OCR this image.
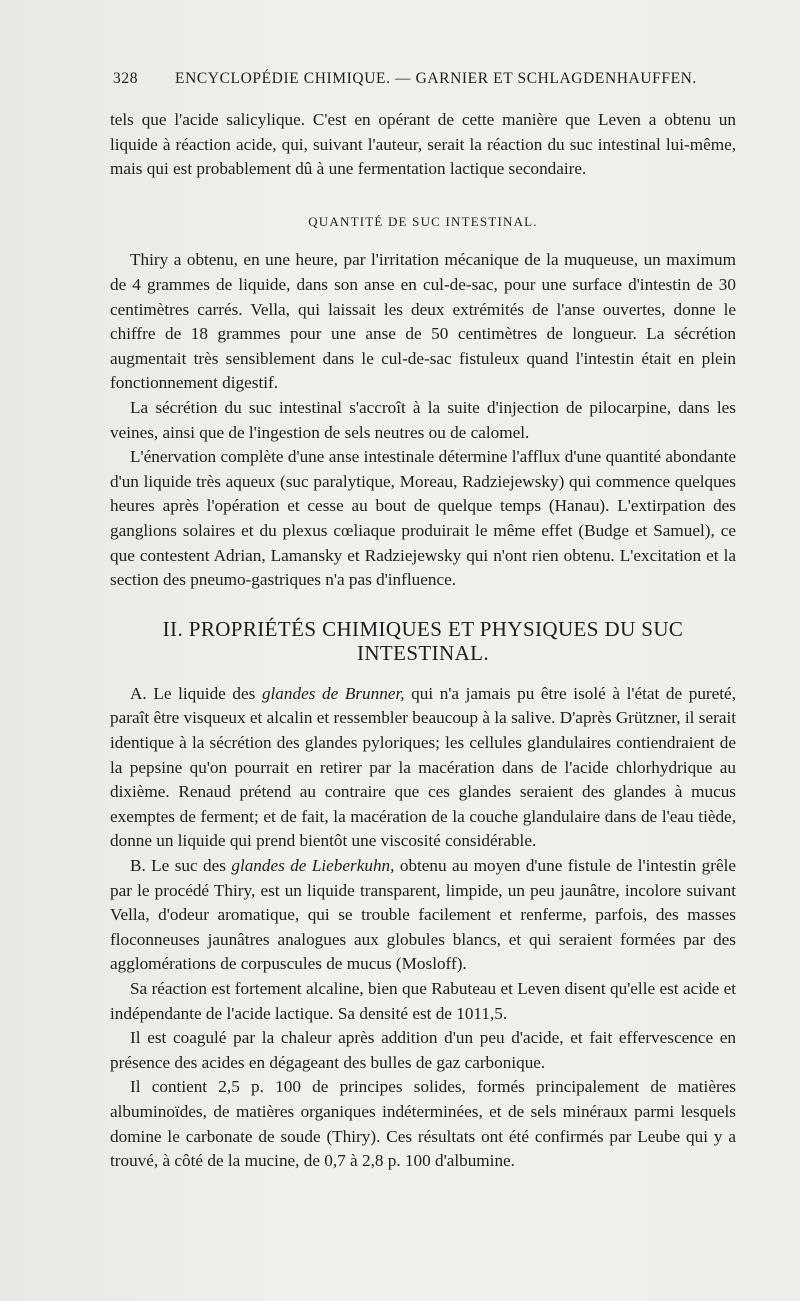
328 ENCYCLOPÉDIE CHIMIQUE. — GARNIER ET SCHLAGDENHAUFFEN.

tels que l'acide salicylique. C'est en opérant de cette manière que Leven a obtenu un liquide à réaction acide, qui, suivant l'auteur, serait la réaction du suc intestinal lui-même, mais qui est probablement dû à une fermentation lactique secondaire.

QUANTITÉ DE SUC INTESTINAL.

Thiry a obtenu, en une heure, par l'irritation mécanique de la muqueuse, un maximum de 4 grammes de liquide, dans son anse en cul-de-sac, pour une surface d'intestin de 30 centimètres carrés. Vella, qui laissait les deux extrémités de l'anse ouvertes, donne le chiffre de 18 grammes pour une anse de 50 centimètres de longueur. La sécrétion augmentait très sensiblement dans le cul-de-sac fistuleux quand l'intestin était en plein fonctionnement digestif.

La sécrétion du suc intestinal s'accroît à la suite d'injection de pilocarpine, dans les veines, ainsi que de l'ingestion de sels neutres ou de calomel.

L'énervation complète d'une anse intestinale détermine l'afflux d'une quantité abondante d'un liquide très aqueux (suc paralytique, Moreau, Radziejewsky) qui commence quelques heures après l'opération et cesse au bout de quelque temps (Hanau). L'extirpation des ganglions solaires et du plexus cœliaque produirait le même effet (Budge et Samuel), ce que contestent Adrian, Lamansky et Radziejewsky qui n'ont rien obtenu. L'excitation et la section des pneumo-gastriques n'a pas d'influence.

II. PROPRIÉTÉS CHIMIQUES ET PHYSIQUES DU SUC INTESTINAL.

A. Le liquide des glandes de Brunner, qui n'a jamais pu être isolé à l'état de pureté, paraît être visqueux et alcalin et ressembler beaucoup à la salive. D'après Grützner, il serait identique à la sécrétion des glandes pyloriques; les cellules glandulaires contiendraient de la pepsine qu'on pourrait en retirer par la macération dans de l'acide chlorhydrique au dixième. Renaud prétend au contraire que ces glandes seraient des glandes à mucus exemptes de ferment; et de fait, la macération de la couche glandulaire dans de l'eau tiède, donne un liquide qui prend bientôt une viscosité considérable.

B. Le suc des glandes de Lieberkuhn, obtenu au moyen d'une fistule de l'intestin grêle par le procédé Thiry, est un liquide transparent, limpide, un peu jaunâtre, incolore suivant Vella, d'odeur aromatique, qui se trouble facilement et renferme, parfois, des masses floconneuses jaunâtres analogues aux globules blancs, et qui seraient formées par des agglomérations de corpuscules de mucus (Mosloff).

Sa réaction est fortement alcaline, bien que Rabuteau et Leven disent qu'elle est acide et indépendante de l'acide lactique. Sa densité est de 1011,5.

Il est coagulé par la chaleur après addition d'un peu d'acide, et fait effervescence en présence des acides en dégageant des bulles de gaz carbonique.

Il contient 2,5 p. 100 de principes solides, formés principalement de matières albuminoïdes, de matières organiques indéterminées, et de sels minéraux parmi lesquels domine le carbonate de soude (Thiry). Ces résultats ont été confirmés par Leube qui y a trouvé, à côté de la mucine, de 0,7 à 2,8 p. 100 d'albumine.
